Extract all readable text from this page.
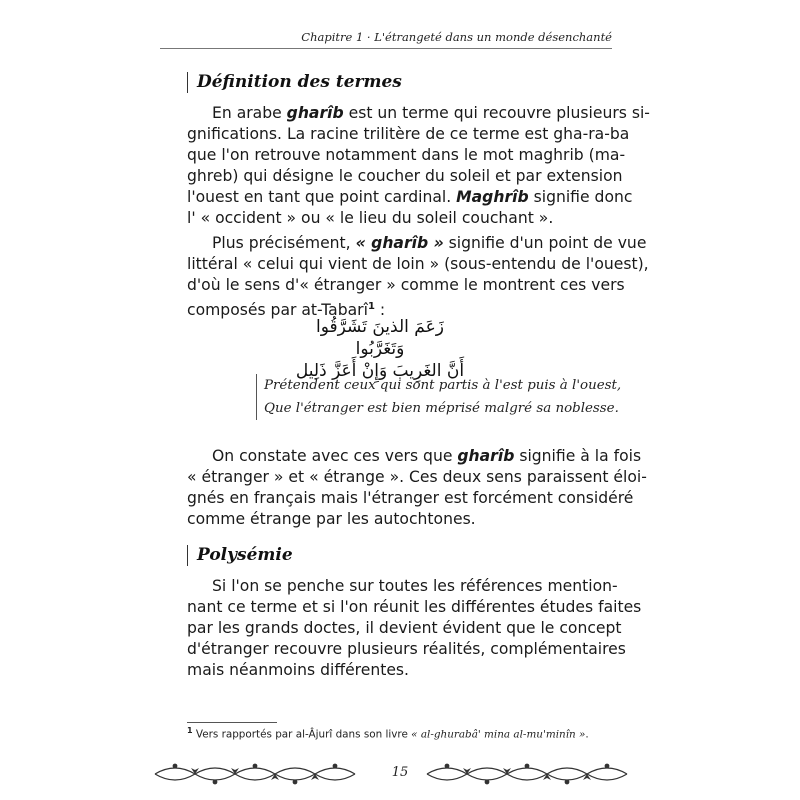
Chapitre 1 · L'étrangeté dans un monde désenchanté
Définition des termes
En arabe gharîb est un terme qui recouvre plusieurs si-
gnifications. La racine trilitère de ce terme est gha-ra-ba
que l'on retrouve notamment dans le mot maghrib (ma-
ghreb) qui désigne le coucher du soleil et par extension
l'ouest en tant que point cardinal. Maghrîb signifie donc
l' « occident » ou « le lieu du soleil couchant ».
Plus précisément, « gharîb » signifie d'un point de vue
littéral « celui qui vient de loin » (sous-entendu de l'ouest),
d'où le sens d'« étranger » comme le montrent ces vers
composés par at-Tabarî$^1$ :
زَعَمَ الذينَ تَشَرَّقُوا وَتَغَرَّبُوا
أَنَّ الغَرِيبَ وَإِنْ أَعَزَّ ذَلِيل
Prétendent ceux qui sont partis à l'est puis à l'ouest,
Que l'étranger est bien méprisé malgré sa noblesse.
On constate avec ces vers que gharîb signifie à la fois
« étranger » et « étrange ». Ces deux sens paraissent éloi-
gnés en français mais l'étranger est forcément considéré
comme étrange par les autochtones.
Polysémie
Si l'on se penche sur toutes les références mention-
nant ce terme et si l'on réunit les différentes études faites
par les grands doctes, il devient évident que le concept
d'étranger recouvre plusieurs réalités, complémentaires
mais néanmoins différentes.
$^1$ Vers rapportés par al-Âjurî dans son livre « al-ghurabâ' mina al-mu'minîn ».
15
